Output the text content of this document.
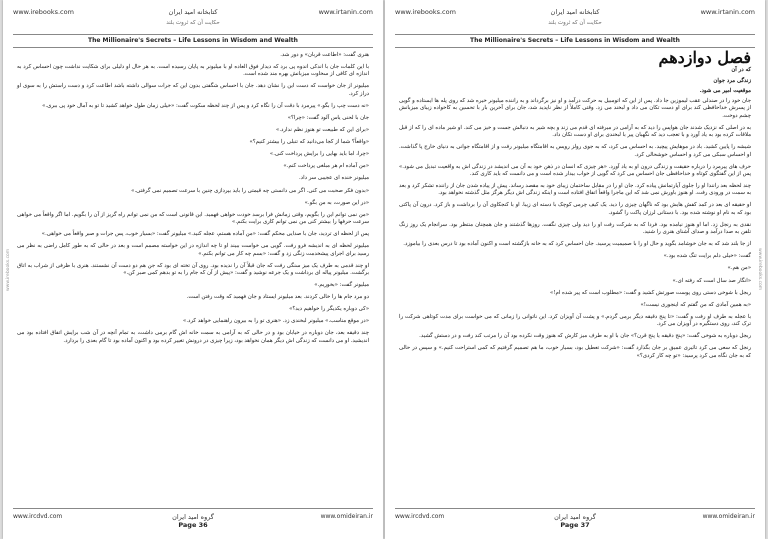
www.irebooks.com	کتابخانه امید ایران	www.irtanin.com
حکایت آن که ثروت بلند
The Millionaire's Secrets – Life Lessons in Wisdom and Wealth
www.irebooks.com

هنری گفت: «اطاعت قربان» و دور شد.

با این کلمات جان با اندکی اندوه پی برد که دیدار فوق العاده او با میلیونر به پایان رسیده است. به هر حال او دلیلی برای شکایت نداشت چون احساس کرد به اندازه ای کافی از سخاوت میزبانش بهره مند شده است.

میلیونر از جان خواست که دست این را نشان دهد. جان با احساس شگفتی بدون این که جرات سوالی داشته باشد اطاعت کرد و دست راستش را به سوی او دراز کرد.

«نه دست چپ را بگو.» پیرمرد با دقت آن را نگاه کرد و پس از چند لحظه سکوت گفت: «خیلی زمان طول خواهد کشید تا تو به آمال خود پی ببری.»

جان با لحنی یاس آلود گفت: «چرا؟»

«برای این که طبیعت تو هنوز نظم ندارد.»

«واقعاً؟ شما از کجا می‌دانید که تنبلی را بیشتر کنیم؟»

«چرا، اما باید بهایی را برایش پرداخت کنی.»

«من آماده ام هر مبلغی پرداخت کنم.»

میلیونر خنده ای عجیبی سر داد.

«بدون فکر صحبت می کنی. اگر می دانستی چه قیمتی را باید بپردازی چنین با سرعت تصمیم نمی گرفتی.»

«در این صورت، به من بگو.»

«من نمی توانم این را بگویم، وقتی زمانش فرا برسد خودت خواهی فهمید. این قانونی است که من نمی توانم راه گریز از آن را بگویم. اما اگر واقعاً می خواهی سرعت حرفها را بیشتر کنی من نمی توانم کاری برایت بکنم.»

پس از لحظه ای تردید، جان با صدایی محکم گفت: «من آماده هستم، عجله کنید.» میلیونر گفت: «بسیار خوب، پس جرات و صبر واقعاً می خواهی.»

میلیونر لحظه ای به اندیشه فرو رفت. گویی می خواست ببیند او تا چه اندازه در این خواسته مصمم است و بعد در حالی که به طور کامل راضی به نظر می رسید برای اجرای پیشخدمت زنگی زد و گفت: «بسم چه کار می توانم بکنم.»

او چند قدمی به طرف یک میز سنگی رفت که جان قبلاً آن را ندیده بود. روی آن تخته ای بود که جن هم دو دست آن نشستند. هنری با ظرفی از شراب به اتاق برگشت. میلیونر پیاله ای برداشت و یک جرعه نوشید و گفت: «پیش از آن که جام را به تو بدهم کمی صبر کن.»

میلیونر گفت: «بخوریم.»

دو مرد جام ها را خالی کردند. بعد میلیونر ایستاد و جان فهمید که وقت رفتن است.

«کی دوباره یکدیگر را خواهیم دید؟»

«در موقع مناسب.» میلیونر لبخندی زد. «هنری تو را به بیرون راهنمایی خواهد کرد.»

چند دقیقه بعد، جان دوباره در خیابان بود و در حالی که به آرامی به سمت خانه اش گام برمی داشت، به تمام آنچه در آن شب برایش اتفاق افتاده بود می اندیشید. او می دانست که زندگی اش دیگر همان نخواهد بود، زیرا چیزی در درونش تغییر کرده بود و اکنون آماده بود تا گام بعدی را بردارد.

www.ircdvd.com	گروه امید ایران	www.omideiran.ir
Page 36
www.irebooks.com	کتابخانه امید ایران	www.irtanin.com
حکایت آن که ثروت بلند
The Millionaire's Secrets – Life Lessons in Wisdom and Wealth
www.irebooks.com
فصل دوازدهم
که در آن
زندگی مرد جوان
موقعیت امیر می شود.

جان خود را در صندلی عقب لیموزین جا داد. پس از این که اتومبیل به حرکت درآمد و او نیز برگرداند و به راننده میلیونر خیره شد که روی پله ها ایستاده و گویی از پسرش خداحافظی کند برای او دست تکان می داد و لبخند می زد. وقتی کاملاً از نظر ناپدید شد، جان برای آخرین بار با تحسین به کاخواده زیبای میزبانش چشم دوخت.

به در اصلی که نزدیک شدند جان هواپس را دید که به آرامی در میرفته ای قدم می زند و بچه شیر به دنبالش جست و خیز می کند. او شیر ماده ای را که از قبل ملاقات کرده بود به یاد آورد و با تعجب دید که نگهبان پیر با لبخندی برای او دست تکان داد.

شیشه را پایین کشید. باد در موهایش پیچید. به احساس می کرد، که به جوی رولز رویس به اقامتگاه میلیونر رفت و از اقامتگاه جوانی به دنیای خارج پا گذاشت. او احساس سبکی می کرد و احساس خوشحالی کرد.

حرف های پیرمرد را درباره حقیقت و زندگی درون او به یاد آورد. «هر چیزی که انسان در ذهن خود به آن می اندیشد در زندگی اش به واقعیت تبدیل می شود.» پس از این گفتگوی کوتاه و خداحافظی جان احساس می کرد که گویی از خواب بیدار شده است و می دانست که باید کاری کند.

چند لحظه بعد رانندا او را جلوی آپارتمانش پیاده کرد. جان او را در مقابل ساختمان زیبای خود به مقصد رساند. پیش از پیاده شدن جان از راننده تشکر کرد و بعد به سمت در ورودی رفت. او هنوز باورش نمی شد که این ماجرا واقعاً اتفاق افتاده است و اینکه زندگی اش دیگر هرگز مثل گذشته نخواهد بود.

او حقیقه ای بعد در کمد کفش هایش بود که ناگهان چیزی را دید. یک کیف چرمی کوچک با دسته ای زیبا. او با کنجکاوی آن را برداشت و باز کرد. درون آن پاکتی بود که به نام او نوشته شده بود. با دستانی لرزان پاکت را گشود.

نقدی به رنجل زد. اما او هنوز نیامده بود. فردا که به شرکت رفت او را دید ولی چیزی نگفت. روزها گذشتند و جان همچنان منتظر بود. سرانجام یک روز زنگ تلفن به صدا درآمد و صدای آشنای هنری را شنید.

از جا بلند شد که به جان خوشامد بگوید و حال او را با صمیمیت پرسید. جان احساس کرد که به خانه بازگشته است و اکنون آماده بود تا درس بعدی را بیاموزد.

گفت: «خیلی دلم برایت تنگ شده بود.»

«من هم.»

«انگار صد سال است که رفته ای.»

ربجل با شوخی دستی روی پوست صورتش کشید و گفت: «مطلوب است که پیر شده ام!»

«به همین آمادی که من گفتم که اینجوری نیست!»

با عجله به طرف او رفت و گفت: «تا پنج دقیقه دیگر برمی گردم.» و پشت آن آویزان کرد. این ناتوانی را زمانی که می خواست برای مدت کوتاهی شرکت را ترک کند، روی دستگیره در آویزان می کرد.

ربجل دوباره به شوخی گفت: «پنج دقیقه یا پنج قرن؟» جان با او به طرف میز کارش که هنوز وقت نکرده بود آن را مرتب کند رفت و در دستش گشید.

رنجل که سعی می کرد تاثیری عمیق بر جان بگذارد گفت: «شرکت تعطیل بود، بسیار خوب، ما هم تصمیم گرفتیم که کمی استراحت کنیم.» و سپس در حالی که به جان نگاه می کرد پرسید: «تو چه کار کردی؟»

www.ircdvd.com	گروه امید ایران	www.omideiran.ir
Page 37
